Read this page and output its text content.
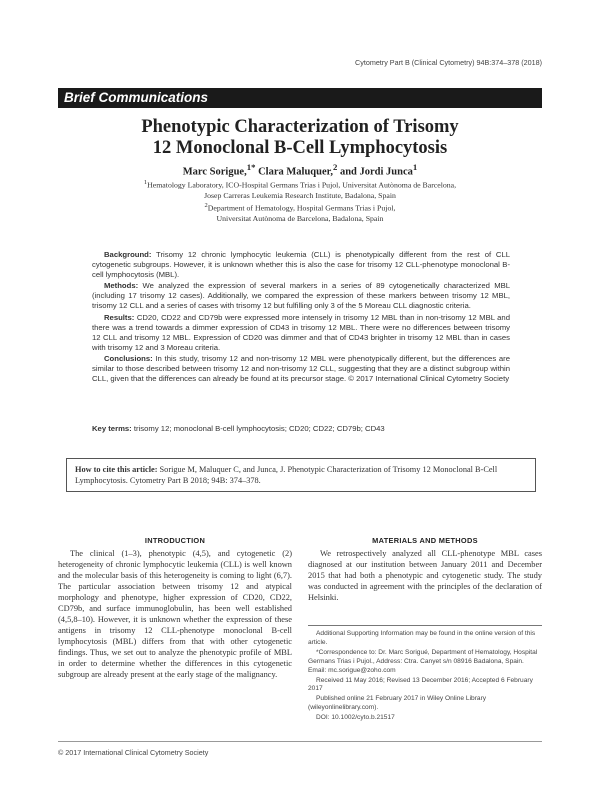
Cytometry Part B (Clinical Cytometry) 94B:374–378 (2018)
Brief Communications
Phenotypic Characterization of Trisomy
12 Monoclonal B-Cell Lymphocytosis
Marc Sorigue,$^{1*}$ Clara Maluquer,$^2$ and Jordi Junca$^1$
$^1$Hematology Laboratory, ICO-Hospital Germans Trias i Pujol, Universitat Autònoma de Barcelona,
Josep Carreras Leukemia Research Institute, Badalona, Spain
$^2$Department of Hematology, Hospital Germans Trias i Pujol,
Universitat Autònoma de Barcelona, Badalona, Spain

Background: Trisomy 12 chronic lymphocytic leukemia (CLL) is phenotypically different from the rest of CLL cytogenetic subgroups. However, it is unknown whether this is also the case for trisomy 12 CLL-phenotype monoclonal B-cell lymphocytosis (MBL).

Methods: We analyzed the expression of several markers in a series of 89 cytogenetically characterized MBL (including 17 trisomy 12 cases). Additionally, we compared the expression of these markers between trisomy 12 MBL, trisomy 12 CLL and a series of cases with trisomy 12 but fulfilling only 3 of the 5 Moreau CLL diagnostic criteria.

Results: CD20, CD22 and CD79b were expressed more intensely in trisomy 12 MBL than in non-trisomy 12 MBL and there was a trend towards a dimmer expression of CD43 in trisomy 12 MBL. There were no differences between trisomy 12 CLL and trisomy 12 MBL. Expression of CD20 was dimmer and that of CD43 brighter in trisomy 12 MBL than in cases with trisomy 12 and 3 Moreau criteria.

Conclusions: In this study, trisomy 12 and non-trisomy 12 MBL were phenotypically different, but the differences are similar to those described between trisomy 12 and non-trisomy 12 CLL, suggesting that they are a distinct subgroup within CLL, given that the differences can already be found at its precursor stage. © 2017 International Clinical Cytometry Society

Key terms: trisomy 12; monoclonal B-cell lymphocytosis; CD20; CD22; CD79b; CD43
How to cite this article: Sorigue M, Maluquer C, and Junca, J. Phenotypic Characterization of Trisomy 12 Monoclonal B-Cell Lymphocytosis. Cytometry Part B 2018; 94B: 374–378.
INTRODUCTION

The clinical (1–3), phenotypic (4,5), and cytogenetic (2) heterogeneity of chronic lymphocytic leukemia (CLL) is well known and the molecular basis of this heterogeneity is coming to light (6,7). The particular association between trisomy 12 and atypical morphology and phenotype, higher expression of CD20, CD22, CD79b, and surface immunoglobulin, has been well established (4,5,8–10). However, it is unknown whether the expression of these antigens in trisomy 12 CLL-phenotype monoclonal B-cell lymphocytosis (MBL) differs from that with other cytogenetic findings. Thus, we set out to analyze the phenotypic profile of MBL in order to determine whether the differences in this cytogenetic subgroup are already present at the early stage of the malignancy.

MATERIALS AND METHODS

We retrospectively analyzed all CLL-phenotype MBL cases diagnosed at our institution between January 2011 and December 2015 that had both a phenotypic and cytogenetic study. The study was conducted in agreement with the principles of the declaration of Helsinki.

Additional Supporting Information may be found in the online version of this article.

*Correspondence to: Dr. Marc Sorigué, Department of Hematology, Hospital Germans Trias i Pujol., Address: Ctra. Canyet s/n 08916 Badalona, Spain. Email: mc.sorigue@zoho.com

Received 11 May 2016; Revised 13 December 2016; Accepted 6 February 2017

Published online 21 February 2017 in Wiley Online Library (wileyonlinelibrary.com).

DOI: 10.1002/cyto.b.21517

© 2017 International Clinical Cytometry Society
